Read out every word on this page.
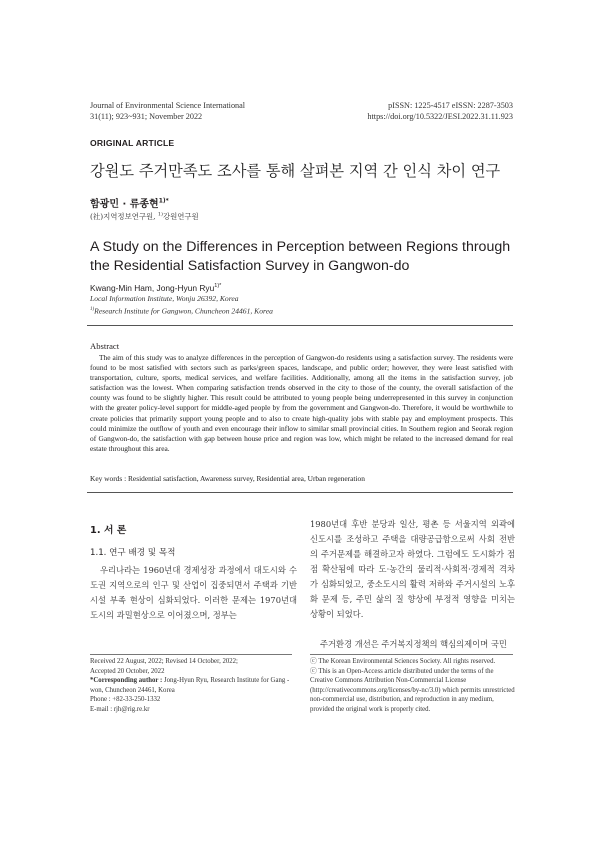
Journal of Environmental Science International
31(11); 923~931; November 2022
pISSN: 1225-4517 eISSN: 2287-3503
https://doi.org/10.5322/JESI.2022.31.11.923
ORIGINAL ARTICLE
강원도 주거만족도 조사를 통해 살펴본 지역 간 인식 차이 연구
함광민 · 류종현$^{1)*}$
(社)지역정보연구원, $^{1)}$강원연구원
A Study on the Differences in Perception between Regions through the Residential Satisfaction Survey in Gangwon-do
Kwang-Min Ham, Jong-Hyun Ryu$^{1)*}$
Local Information Institute, Wonju 26392, Korea
$^{1)}$Research Institute for Gangwon, Chuncheon 24461, Korea
Abstract
The aim of this study was to analyze differences in the perception of Gangwon-do residents using a satisfaction survey. The residents were found to be most satisfied with sectors such as parks/green spaces, landscape, and public order; however, they were least satisfied with transportation, culture, sports, medical services, and welfare facilities. Additionally, among all the items in the satisfaction survey, job satisfaction was the lowest. When comparing satisfaction trends observed in the city to those of the county, the overall satisfaction of the county was found to be slightly higher. This result could be attributed to young people being underrepresented in this survey in conjunction with the greater policy-level support for middle-aged people by from the government and Gangwon-do. Therefore, it would be worthwhile to create policies that primarily support young people and to also to create high-quality jobs with stable pay and employment prospects. This could minimize the outflow of youth and even encourage their inflow to similar small provincial cities. In Southern region and Seorak region of Gangwon-do, the satisfaction with gap between house price and region was low, which might be related to the increased demand for real estate throughout this area.
Key words : Residential satisfaction, Awareness survey, Residential area, Urban regeneration
1. 서 론
1.1. 연구 배경 및 목적
우리나라는 1960년대 경제성장 과정에서 대도시와 수도권 지역으로의 인구 및 산업이 집중되면서 주택과 기반시설 부족 현상이 심화되었다. 이러한 문제는 1970년대 도시의 과밀현상으로 이어졌으며, 정부는
1980년대 후반 분당과 일산, 평촌 등 서울지역 외곽에 신도시를 조성하고 주택을 대량공급함으로써 사회 전반의 주거문제를 해결하고자 하였다. 그럼에도 도시화가 점점 확산됨에 따라 도·농간의 물리적·사회적·경제적 격차가 심화되었고, 중소도시의 활력 저하와 주거시설의 노후화 문제 등, 주민 삶의 질 향상에 부정적 영향을 미치는 상황이 되었다.
주거환경 개선은 주거복지정책의 핵심의제이며 국민
Received 22 August, 2022; Revised 14 October, 2022;
Accepted 20 October, 2022
*Corresponding author : Jong-Hyun Ryu, Research Institute for Gang -won, Chuncheon 24461, Korea
Phone : +82-33-250-1332
E-mail : rjh@rig.re.kr
ⓒ The Korean Environmental Sciences Society. All rights reserved.
ⓒ This is an Open-Access article distributed under the terms of the Creative Commons Attribution Non-Commercial License (http://creativecommons.org/licenses/by-nc/3.0) which permits unrestricted non-commercial use, distribution, and reproduction in any medium, provided the original work is properly cited.
